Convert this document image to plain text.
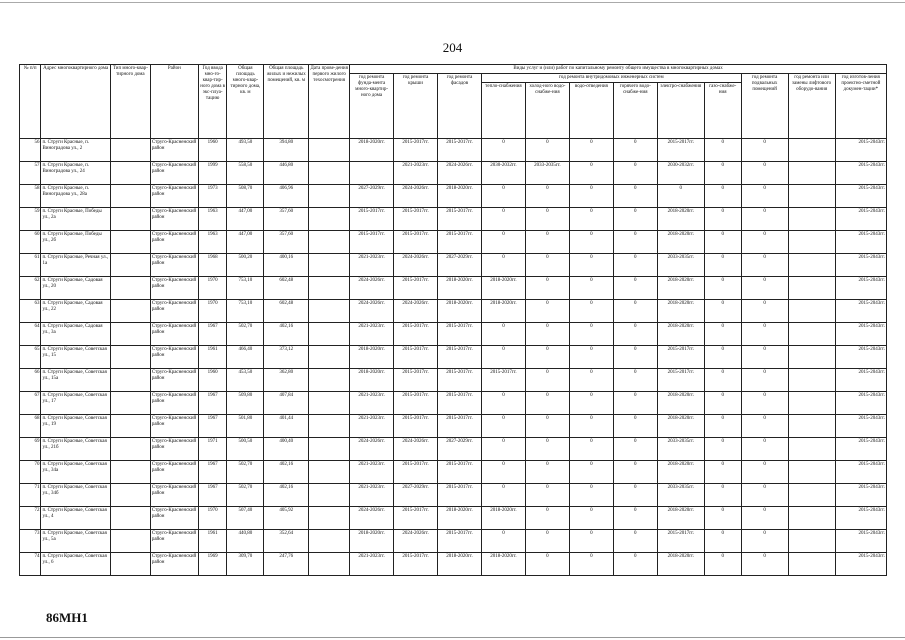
204
№ п/п	Адрес многоквартирного дома	Тип много-квар-тирного дома	Район	Год ввода мно-го-квар-тир-ного дома в экс-плуа-тацию	Общая площадь много-квар-тирного дома, кв. м	Общая площадь жилых и нежилых помещений, кв. м	Дата прове-дения первого жилого техосмотрения	Виды услуг и (или) работ по капитальному ремонту общего имущества в многоквартирных домах											
								год ремонта фунда-мента много-квартир-ного дома	год ремонта крыши	год ремонта фасадов	год ремонта внутридомовых инженерных систем						год ремонта подвальных помещений	год ремонта или замены лифтового оборудо-вания	год изготов-ления проектно-сметной докумен-тации*
											тепло-снабжения	холод-ного водо-снабже-ния	водо-отведения	горячего водо-снабже-ния	электро-снабжения	газо-снабже-ния			
56	п. Струги Красные, п. Виноградова ул., 2		Струго-Красненский район	1960	493,50	394,80		2018-2020гг.	2015-2017гг.	2015-2017гг.	0	0	0	0	2015-2017гг.	0	0		2015-2043гг.
57	п. Струги Красные, п. Виноградова ул., 24		Струго-Красненский район	1999	558,50	446,80			2021-2023гг.	2024-2026гг.	2030-2032гг.	2033-2035гг.	0	0	2030-2032гг.	0	0		2015-2043гг.
58	п. Струги Красные, п. Виноградова ул., 28а		Струго-Красненский район	1973	508,70	406,96		2027-2029гг.	2024-2026гг.	2018-2020гг.	0	0	0	0	0	0	0		2015-2043гг.
59	п. Струги Красные, Победы ул., 2а		Струго-Красненский район	1963	447,00	357,60		2015-2017гг.	2015-2017гг.	2015-2017гг.	0	0	0	0	2018-2020гг.	0	0		2015-2043гг.
60	п. Струги Красные, Победы ул., 2б		Струго-Красненский район	1963	447,00	357,60		2015-2017гг.	2015-2017гг.	2015-2017гг.	0	0	0	0	2018-2020гг.	0	0		2015-2043гг.
61	п. Струги Красные, Речная ул., 1а		Струго-Красненский район	1968	500,20	400,16		2021-2023гг.	2024-2026гг.	2027-2029гг.	0	0	0	0	2033-2035гг.	0	0		2015-2043гг.
62	п. Струги Красные, Садовая ул., 20		Струго-Красненский район	1970	753,10	602,48		2024-2026гг.	2015-2017гг.	2018-2020гг.	2018-2020гг.	0	0	0	2018-2020гг.	0	0		2015-2043гг.
63	п. Струги Красные, Садовая ул., 22		Струго-Красненский район	1970	753,10	602,48		2024-2026гг.	2024-2026гг.	2018-2020гг.	2018-2020гг.	0	0	0	2018-2020гг.	0	0		2015-2043гг.
64	п. Струги Красные, Садовая ул., 3а		Струго-Красненский район	1967	502,70	402,16		2021-2023гг.	2015-2017гг.	2015-2017гг.	0	0	0	0	2018-2020гг.	0	0		2015-2043гг.
65	п. Струги Красные, Советская ул., 15		Струго-Красненский район	1961	466,40	373,12		2018-2020гг.	2015-2017гг.	2015-2017гг.	0	0	0	0	2015-2017гг.	0	0		2015-2043гг.
66	п. Струги Красные, Советская ул., 15а		Струго-Красненский район	1960	453,50	362,80		2018-2020гг.	2015-2017гг.	2015-2017гг.	2015-2017гг.	0	0	0	2015-2017гг.	0	0		2015-2043гг.
67	п. Струги Красные, Советская ул., 17		Струго-Красненский район	1967	509,80	407,84		2021-2023гг.	2015-2017гг.	2015-2017гг.	0	0	0	0	2018-2020гг.	0	0		2015-2043гг.
68	п. Струги Красные, Советская ул., 19		Струго-Красненский район	1967	501,80	401,44		2021-2023гг.	2015-2017гг.	2015-2017гг.	0	0	0	0	2018-2020гг.	0	0		2015-2043гг.
69	п. Струги Красные, Советская ул., 21б		Струго-Красненский район	1971	500,50	400,40		2024-2026гг.	2024-2026гг.	2027-2029гг.	0	0	0	0	2033-2035гг.	0	0		2015-2043гг.
70	п. Струги Красные, Советская ул., 34а		Струго-Красненский район	1967	502,70	402,16		2021-2023гг.	2015-2017гг.	2015-2017гг.	0	0	0	0	2018-2020гг.	0	0		2015-2043гг.
71	п. Струги Красные, Советская ул., 34б		Струго-Красненский район	1967	502,70	402,16		2021-2023гг.	2027-2029гг.	2015-2017гг.	0	0	0	0	2033-2035гг.	0	0		2015-2043гг.
72	п. Струги Красные, Советская ул., 4		Струго-Красненский район	1970	507,40	405,92		2024-2026гг.	2015-2017гг.	2018-2020гг.	2018-2020гг.	0	0	0	2018-2020гг.	0	0		2015-2043гг.
73	п. Струги Красные, Советская ул., 5а		Струго-Красненский район	1961	440,80	352,64		2018-2020гг.	2024-2026гг.	2015-2017гг.	0	0	0	0	2015-2017гг.	0	0		2015-2043гг.
74	п. Струги Красные, Советская ул., 6		Струго-Красненский район	1969	309,70	247,76		2021-2023гг.	2015-2017гг.	2018-2020гг.	2018-2020гг.	0	0	0	2018-2020гг.	0	0		2015-2043гг.
86МН1
